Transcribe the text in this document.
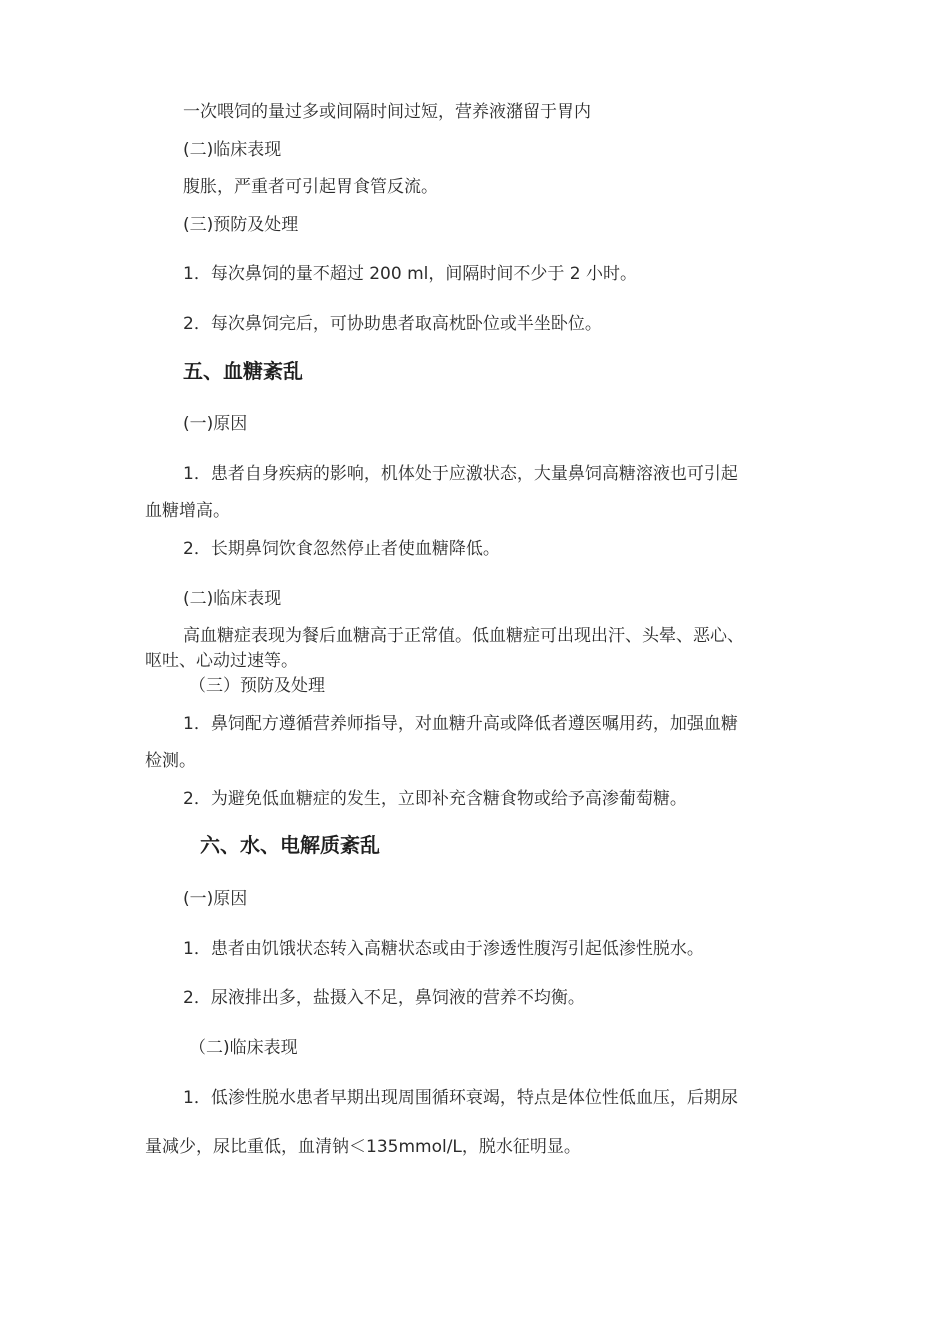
一次喂饲的量过多或间隔时间过短，营养液潴留于胃内

(二)临床表现

腹胀，严重者可引起胃食管反流。

(三)预防及处理

1．每次鼻饲的量不超过 200 ml，间隔时间不少于 2 小时。

2．每次鼻饲完后，可协助患者取高枕卧位或半坐卧位。

五、血糖紊乱

(一)原因

1．患者自身疾病的影响，机体处于应激状态，大量鼻饲高糖溶液也可引起

血糖增高。

2．长期鼻饲饮食忽然停止者使血糖降低。

(二)临床表现

高血糖症表现为餐后血糖高于正常值。低血糖症可出现出汗、头晕、恶心、

呕吐、心动过速等。

（三）预防及处理

1．鼻饲配方遵循营养师指导，对血糖升高或降低者遵医嘱用药，加强血糖

检测。

2．为避免低血糖症的发生，立即补充含糖食物或给予高渗葡萄糖。

六、水、电解质紊乱

(一)原因

1．患者由饥饿状态转入高糖状态或由于渗透性腹泻引起低渗性脱水。

2．尿液排出多，盐摄入不足，鼻饲液的营养不均衡。

（二)临床表现

1．低渗性脱水患者早期出现周围循环衰竭，特点是体位性低血压，后期尿

量减少，尿比重低，血清钠＜135mmol/L，脱水征明显。
